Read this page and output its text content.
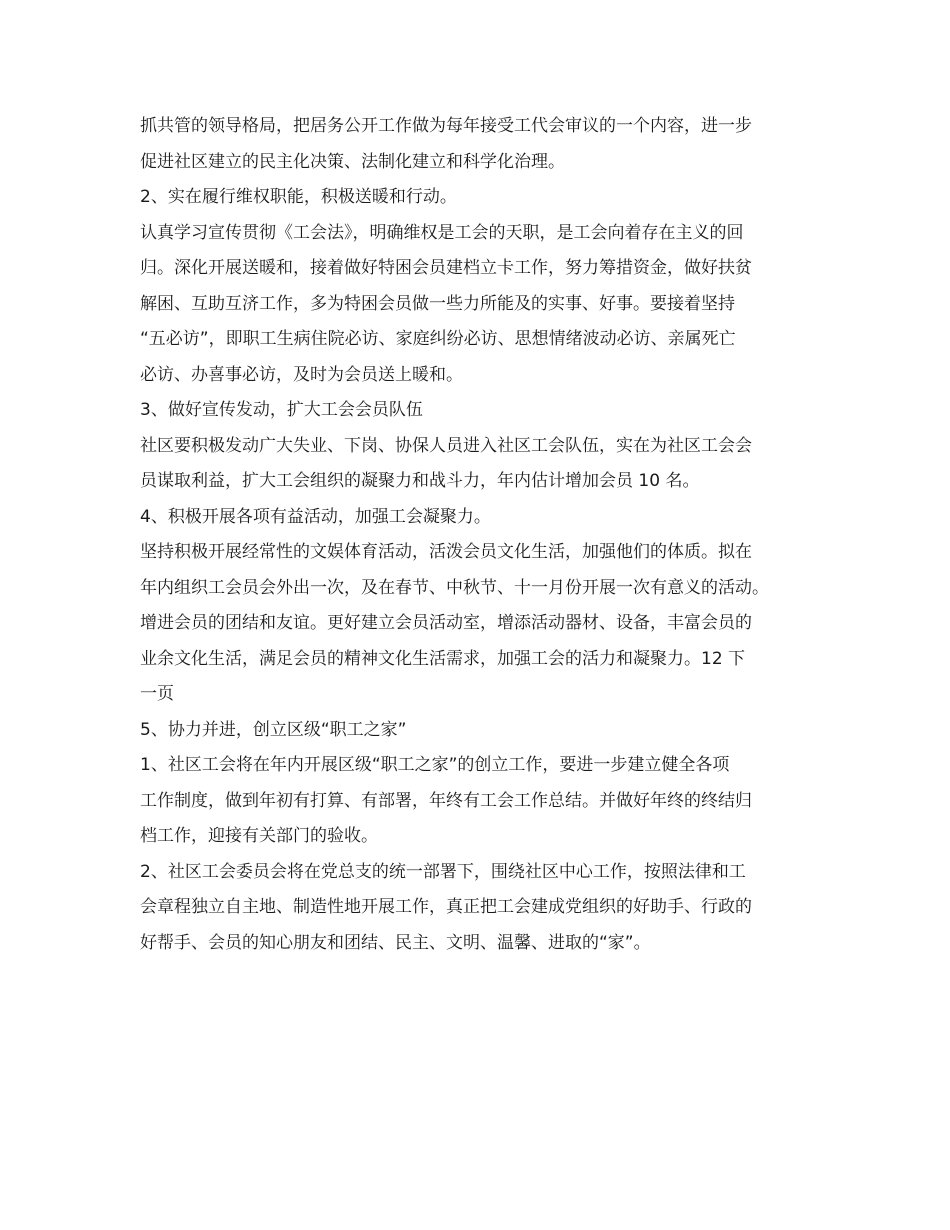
抓共管的领导格局，把居务公开工作做为每年接受工代会审议的一个内容，进一步
促进社区建立的民主化决策、法制化建立和科学化治理。
2、实在履行维权职能，积极送暖和行动。
认真学习宣传贯彻《工会法》，明确维权是工会的天职，是工会向着存在主义的回
归。深化开展送暖和，接着做好特困会员建档立卡工作，努力筹措资金，做好扶贫
解困、互助互济工作，多为特困会员做一些力所能及的实事、好事。要接着坚持
“五必访”，即职工生病住院必访、家庭纠纷必访、思想情绪波动必访、亲属死亡
必访、办喜事必访，及时为会员送上暖和。
3、做好宣传发动，扩大工会会员队伍
社区要积极发动广大失业、下岗、协保人员进入社区工会队伍，实在为社区工会会
员谋取利益，扩大工会组织的凝聚力和战斗力，年内估计增加会员 10 名。
4、积极开展各项有益活动，加强工会凝聚力。
坚持积极开展经常性的文娱体育活动，活泼会员文化生活，加强他们的体质。拟在
年内组织工会员会外出一次，及在春节、中秋节、十一月份开展一次有意义的活动。
增进会员的团结和友谊。更好建立会员活动室，增添活动器材、设备，丰富会员的
业余文化生活，满足会员的精神文化生活需求，加强工会的活力和凝聚力。12 下
一页
5、协力并进，创立区级“职工之家”
1、社区工会将在年内开展区级“职工之家”的创立工作，要进一步建立健全各项
工作制度，做到年初有打算、有部署，年终有工会工作总结。并做好年终的终结归
档工作，迎接有关部门的验收。
2、社区工会委员会将在党总支的统一部署下，围绕社区中心工作，按照法律和工
会章程独立自主地、制造性地开展工作，真正把工会建成党组织的好助手、行政的
好帮手、会员的知心朋友和团结、民主、文明、温馨、进取的“家”。
